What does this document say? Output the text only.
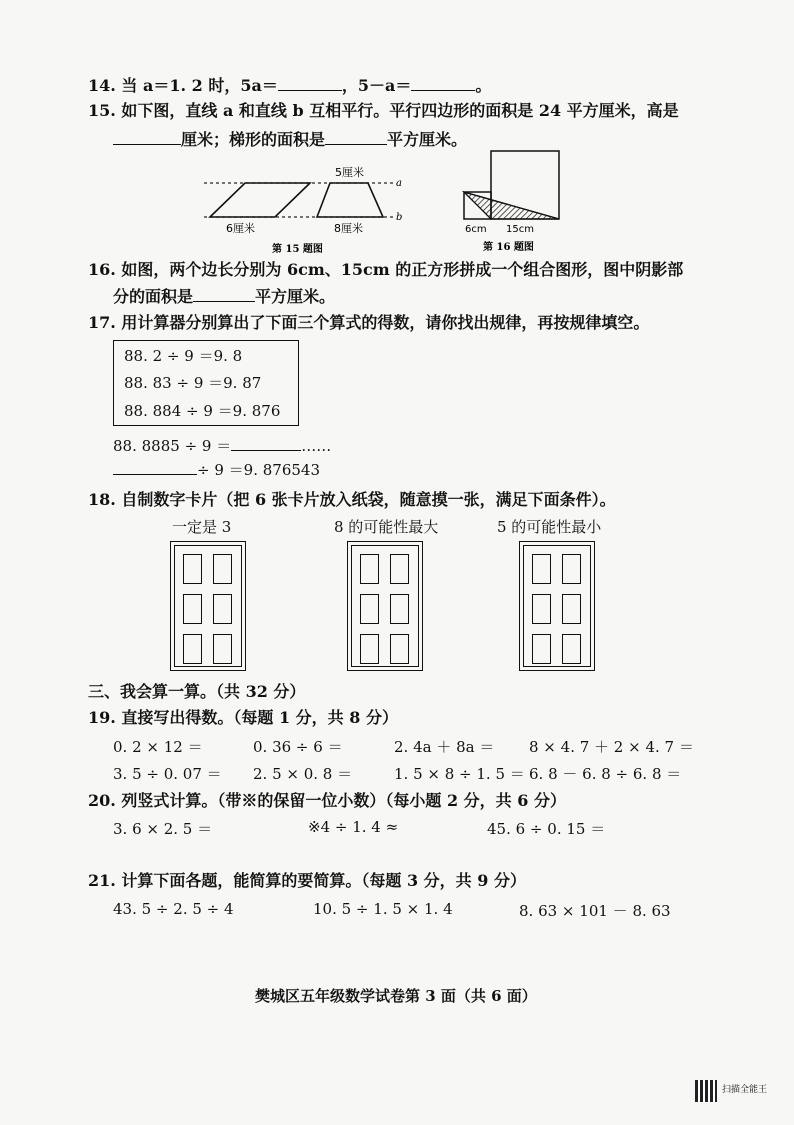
14. 当 a＝1. 2 时，5a＝	，5－a＝	。
15. 如下图，直线 a 和直线 b 互相平行。平行四边形的面积是 24 平方厘米，高是
厘米；梯形的面积是	平方厘米。
5厘米
a
b
6厘米	8厘米
第 15 题图
6cm 15cm
第 16 题图
16. 如图，两个边长分别为 6cm、15cm 的正方形拼成一个组合图形，图中阴影部
分的面积是	平方厘米。
17. 用计算器分别算出了下面三个算式的得数，请你找出规律，再按规律填空。
88. 2 ÷ 9 ＝9. 8
88. 83 ÷ 9 ＝9. 87
88. 884 ÷ 9 ＝9. 876
88. 8885 ÷ 9 ＝	……
÷ 9 ＝9. 876543
18. 自制数字卡片（把 6 张卡片放入纸袋，随意摸一张，满足下面条件）。
一定是 3	8 的可能性最大	5 的可能性最小
三、我会算一算。（共 32 分）
19. 直接写出得数。（每题 1 分，共 8 分）
0. 2 × 12 ＝	0. 36 ÷ 6 ＝	2. 4a ＋ 8a ＝ 8 × 4. 7 ＋ 2 × 4. 7 ＝
3. 5 ÷ 0. 07 ＝ 2. 5 × 0. 8 ＝	1. 5 × 8 ÷ 1. 5 ＝ 6. 8 － 6. 8 ÷ 6. 8 ＝
20. 列竖式计算。（带※的保留一位小数）（每小题 2 分，共 6 分）
3. 6 × 2. 5 ＝	※4 ÷ 1. 4 ≈	45. 6 ÷ 0. 15 ＝
21. 计算下面各题，能简算的要简算。（每题 3 分，共 9 分）
43. 5 ÷ 2. 5 ÷ 4	10. 5 ÷ 1. 5 × 1. 4	8. 63 × 101 － 8. 63
樊城区五年级数学试卷第 3 面（共 6 面）
扫描全能王
